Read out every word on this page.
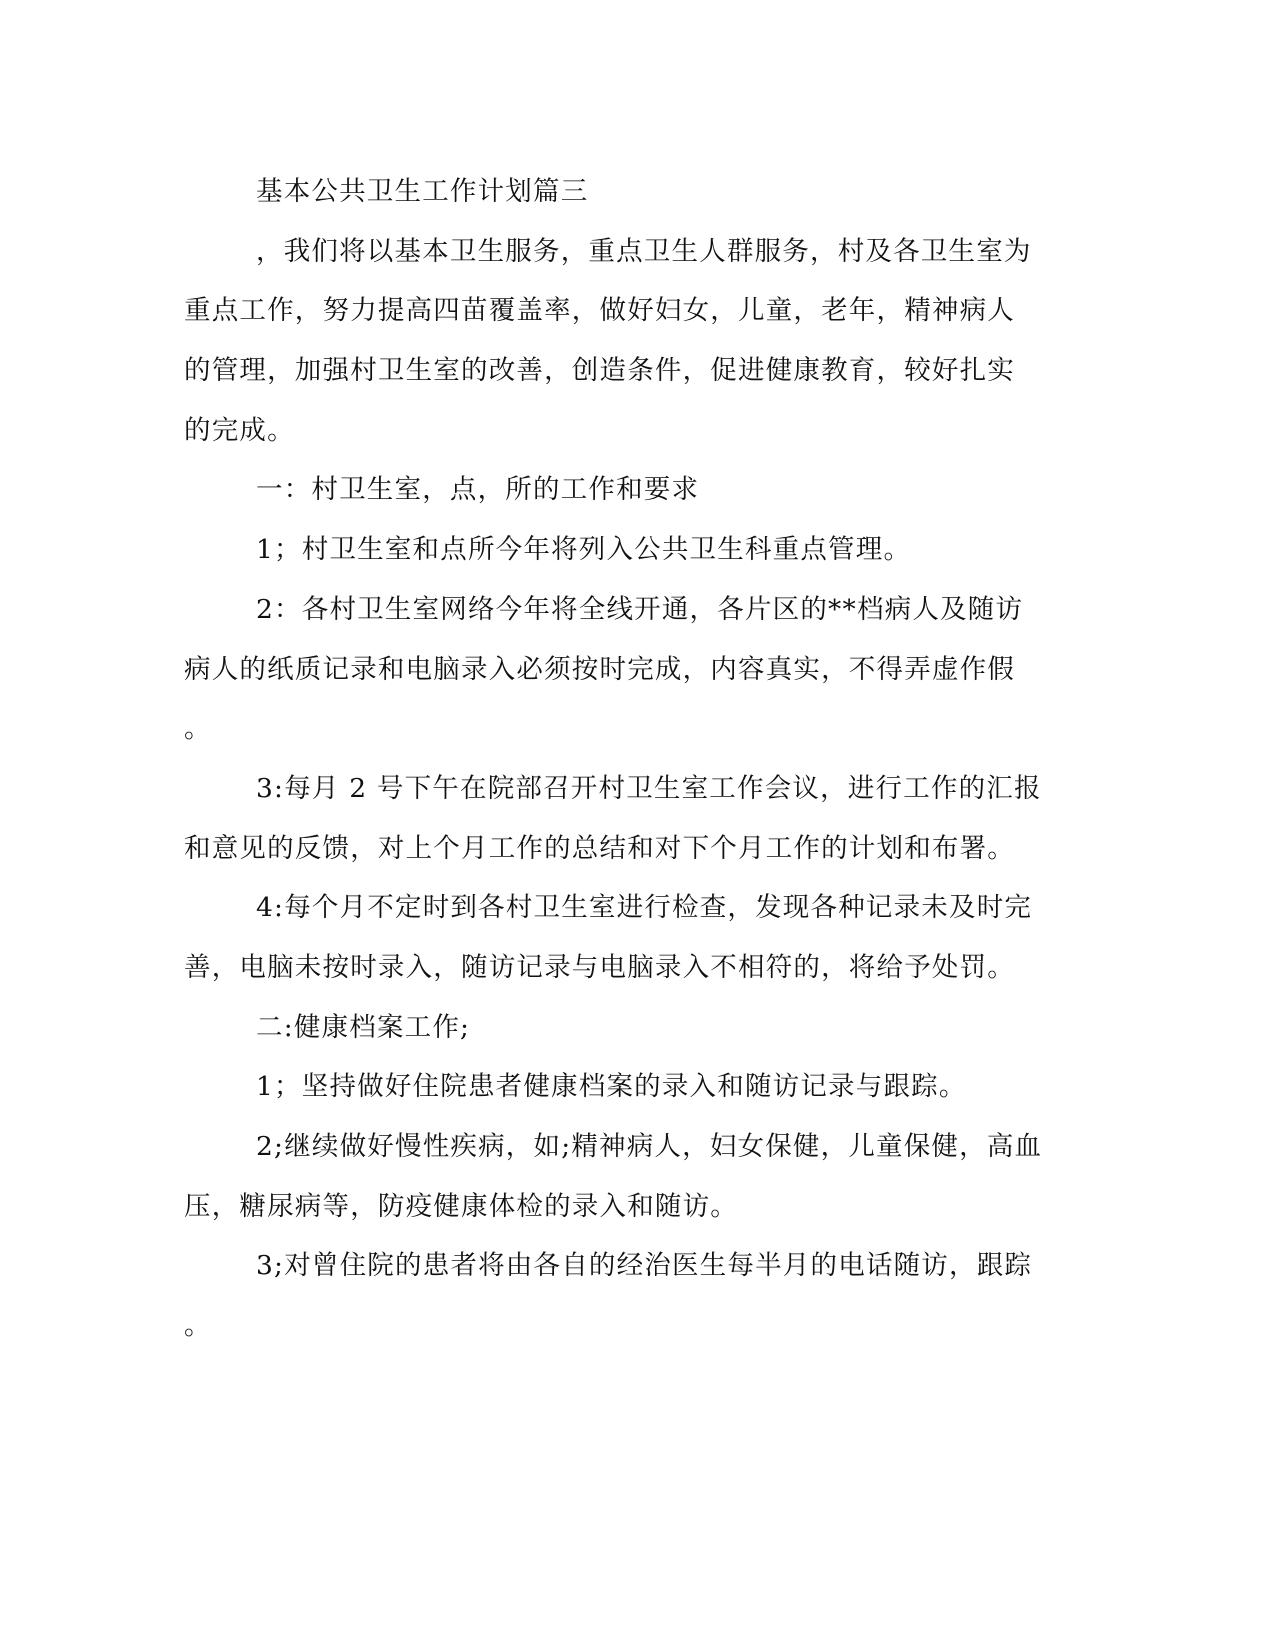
基本公共卫生工作计划篇三
，我们将以基本卫生服务，重点卫生人群服务，村及各卫生室为
重点工作，努力提高四苗覆盖率，做好妇女，儿童，老年，精神病人
的管理，加强村卫生室的改善，创造条件，促进健康教育，较好扎实
的完成。
一：村卫生室，点，所的工作和要求
1；村卫生室和点所今年将列入公共卫生科重点管理。
2：各村卫生室网络今年将全线开通，各片区的**档病人及随访
病人的纸质记录和电脑录入必须按时完成，内容真实，不得弄虚作假
。
3:每月 2 号下午在院部召开村卫生室工作会议，进行工作的汇报
和意见的反馈，对上个月工作的总结和对下个月工作的计划和布署。
4:每个月不定时到各村卫生室进行检查，发现各种记录未及时完
善，电脑未按时录入，随访记录与电脑录入不相符的，将给予处罚。
二:健康档案工作;
1；坚持做好住院患者健康档案的录入和随访记录与跟踪。
2;继续做好慢性疾病，如;精神病人，妇女保健，儿童保健，高血
压，糖尿病等，防疫健康体检的录入和随访。
3;对曾住院的患者将由各自的经治医生每半月的电话随访，跟踪
。
